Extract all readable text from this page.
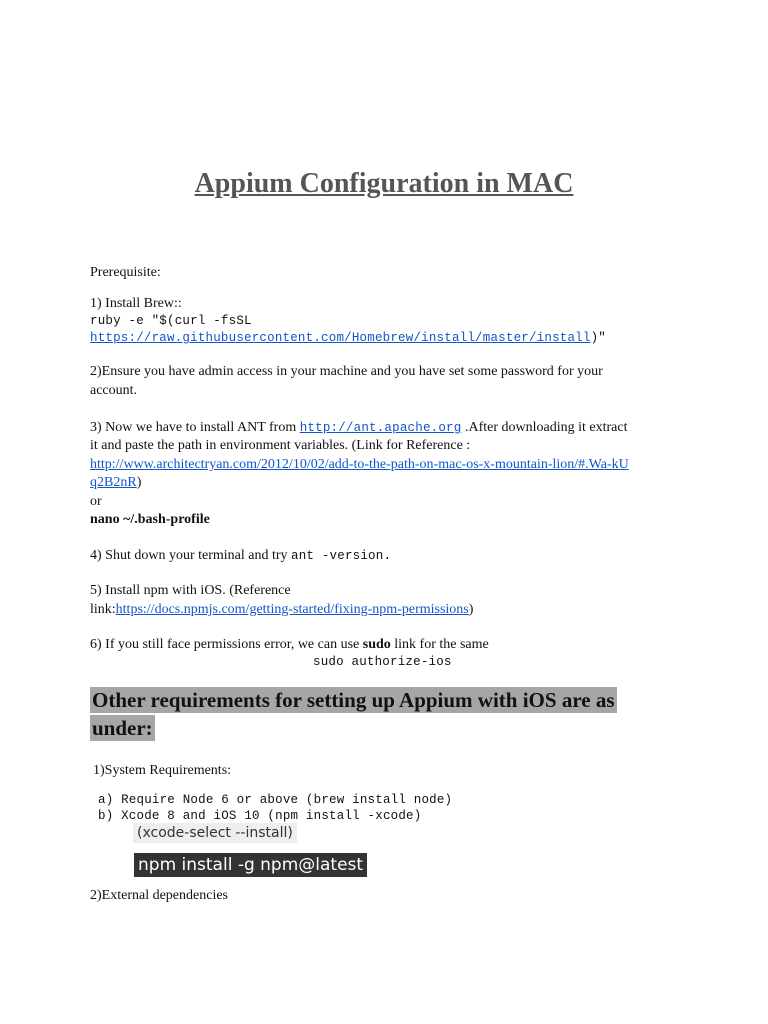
Appium Configuration in MAC
Prerequisite:
1) Install Brew::
ruby -e "$(curl -fsSL
https://raw.githubusercontent.com/Homebrew/install/master/install)"
2)Ensure you have admin access in your machine and you have set some password for your
account.
3) Now we have to install ANT from http://ant.apache.org .After downloading it extract
it and paste the path in environment variables. (Link for Reference :
http://www.architectryan.com/2012/10/02/add-to-the-path-on-mac-os-x-mountain-lion/#.Wa-kU
q2B2nR)
or
nano ~/.bash-profile
4) Shut down your terminal and try ant -version.
5) Install npm with iOS. (Reference
link:https://docs.npmjs.com/getting-started/fixing-npm-permissions)
6) If you still face permissions error, we can use sudo link for the same
sudo authorize-ios
Other requirements for setting up Appium with iOS are as
under:
1)System Requirements:
a) Require Node 6 or above (brew install node)
b) Xcode 8 and iOS 10 (npm install -xcode)
(xcode-select --install)
npm install -g npm@latest
2)External dependencies
